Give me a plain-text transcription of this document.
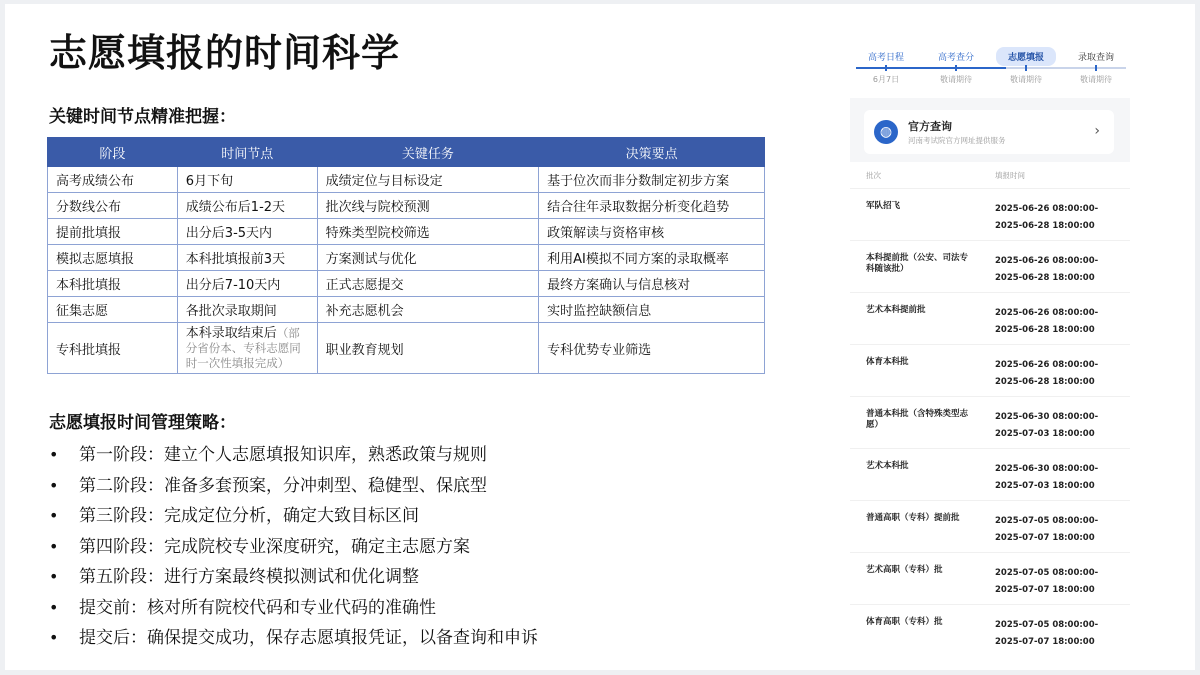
志愿填报的时间科学
关键时间节点精准把握：
阶段	时间节点	关键任务	决策要点
高考成绩公布	6月下旬	成绩定位与目标设定	基于位次而非分数制定初步方案
分数线公布	成绩公布后1-2天	批次线与院校预测	结合往年录取数据分析变化趋势
提前批填报	出分后3-5天内	特殊类型院校筛选	政策解读与资格审核
模拟志愿填报	本科批填报前3天	方案测试与优化	利用AI模拟不同方案的录取概率
本科批填报	出分后7-10天内	正式志愿提交	最终方案确认与信息核对
征集志愿	各批次录取期间	补充志愿机会	实时监控缺额信息
专科批填报	本科录取结束后（部分省份本、专科志愿同时一次性填报完成）	职业教育规划	专科优势专业筛选
志愿填报时间管理策略：
• 第一阶段：建立个人志愿填报知识库，熟悉政策与规则
• 第二阶段：准备多套预案，分冲刺型、稳健型、保底型
• 第三阶段：完成定位分析，确定大致目标区间
• 第四阶段：完成院校专业深度研究，确定主志愿方案
• 第五阶段：进行方案最终模拟测试和优化调整
• 提交前：核对所有院校代码和专业代码的准确性
• 提交后：确保提交成功，保存志愿填报凭证，以备查询和申诉
高考日程
6月7日
高考查分
敬请期待
志愿填报
敬请期待
录取查询
敬请期待
◍	官方查询
河南考试院官方网址提供服务
›
批次	填报时间
军队招飞	2025-06-26 08:00:00-
2025-06-28 18:00:00
本科提前批（公安、司法专科随该批）
2025-06-26 08:00:00-
2025-06-28 18:00:00
艺术本科提前批	2025-06-26 08:00:00-
2025-06-28 18:00:00
体育本科批	2025-06-26 08:00:00-
2025-06-28 18:00:00
普通本科批（含特殊类型志愿）
2025-06-30 08:00:00-
2025-07-03 18:00:00
艺术本科批	2025-06-30 08:00:00-
2025-07-03 18:00:00
普通高职（专科）提前批	2025-07-05 08:00:00-
2025-07-07 18:00:00
艺术高职（专科）批	2025-07-05 08:00:00-
2025-07-07 18:00:00
体育高职（专科）批	2025-07-05 08:00:00-
2025-07-07 18:00:00
